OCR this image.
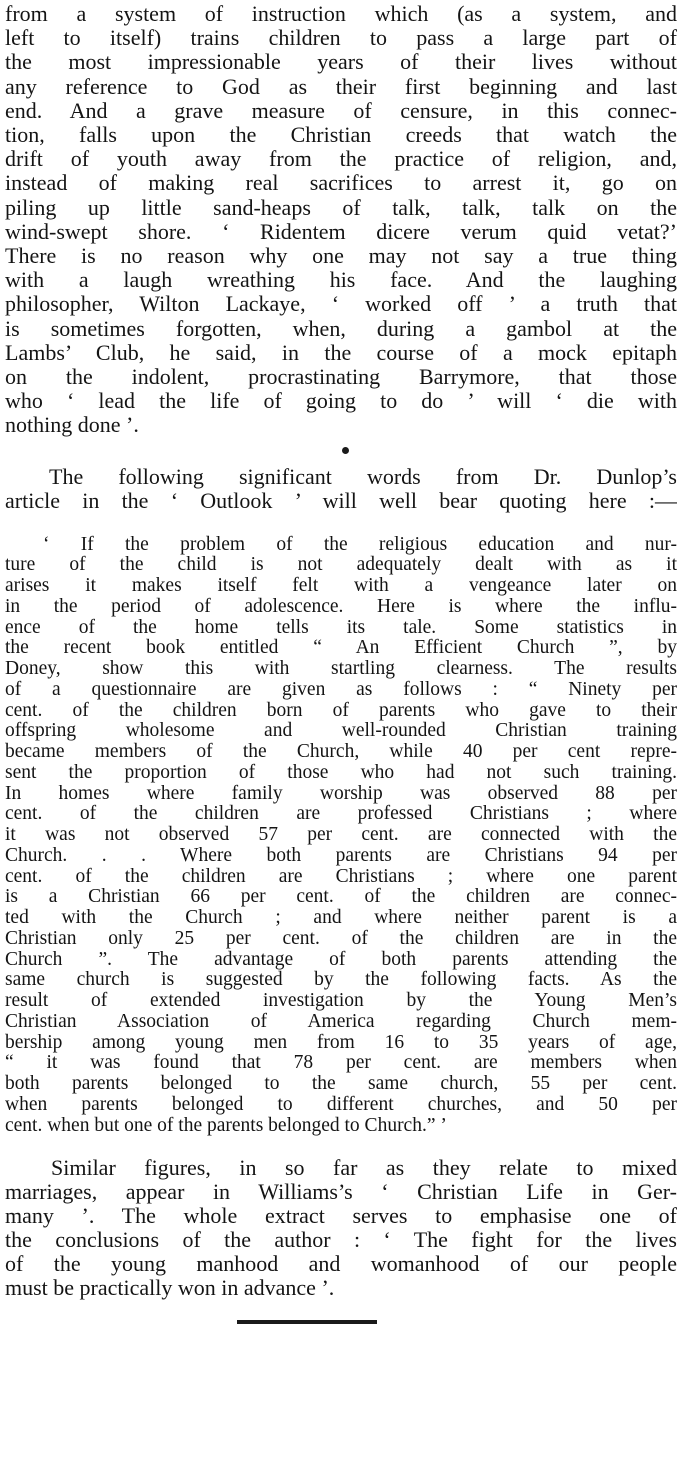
from a system of instruction which (as a system, and
left to itself) trains children to pass a large part of
the most impressionable years of their lives without
any reference to God as their first beginning and last
end. And a grave measure of censure, in this connec-
tion, falls upon the Christian creeds that watch the
drift of youth away from the practice of religion, and,
instead of making real sacrifices to arrest it, go on
piling up little sand-heaps of talk, talk, talk on the
wind-swept shore. ‘ Ridentem dicere verum quid vetat?’
There is no reason why one may not say a true thing
with a laugh wreathing his face. And the laughing
philosopher, Wilton Lackaye, ‘ worked off ’ a truth that
is sometimes forgotten, when, during a gambol at the
Lambs’ Club, he said, in the course of a mock epitaph
on the indolent, procrastinating Barrymore, that those
who ‘ lead the life of going to do ’ will ‘ die with
nothing done ’.
The following significant words from Dr. Dunlop’s
article in the ‘ Outlook ’ will well bear quoting here :—
‘ If the problem of the religious education and nur-
ture of the child is not adequately dealt with as it
arises it makes itself felt with a vengeance later on
in the period of adolescence. Here is where the influ-
ence of the home tells its tale. Some statistics in
the recent book entitled “ An Efficient Church ”, by
Doney, show this with startling clearness. The results
of a questionnaire are given as follows : “ Ninety per
cent. of the children born of parents who gave to their
offspring wholesome and well-rounded Christian training
became members of the Church, while 40 per cent repre-
sent the proportion of those who had not such training.
In homes where family worship was observed 88 per
cent. of the children are professed Christians ; where
it was not observed 57 per cent. are connected with the
Church. . . Where both parents are Christians 94 per
cent. of the children are Christians ; where one parent
is a Christian 66 per cent. of the children are connec-
ted with the Church ; and where neither parent is a
Christian only 25 per cent. of the children are in the
Church ”. The advantage of both parents attending the
same church is suggested by the following facts. As the
result of extended investigation by the Young Men’s
Christian Association of America regarding Church mem-
bership among young men from 16 to 35 years of age,
“ it was found that 78 per cent. are members when
both parents belonged to the same church, 55 per cent.
when parents belonged to different churches, and 50 per
cent. when but one of the parents belonged to Church.” ’
Similar figures, in so far as they relate to mixed
marriages, appear in Williams’s ‘ Christian Life in Ger-
many ’. The whole extract serves to emphasise one of
the conclusions of the author : ‘ The fight for the lives
of the young manhood and womanhood of our people
must be practically won in advance ’.
